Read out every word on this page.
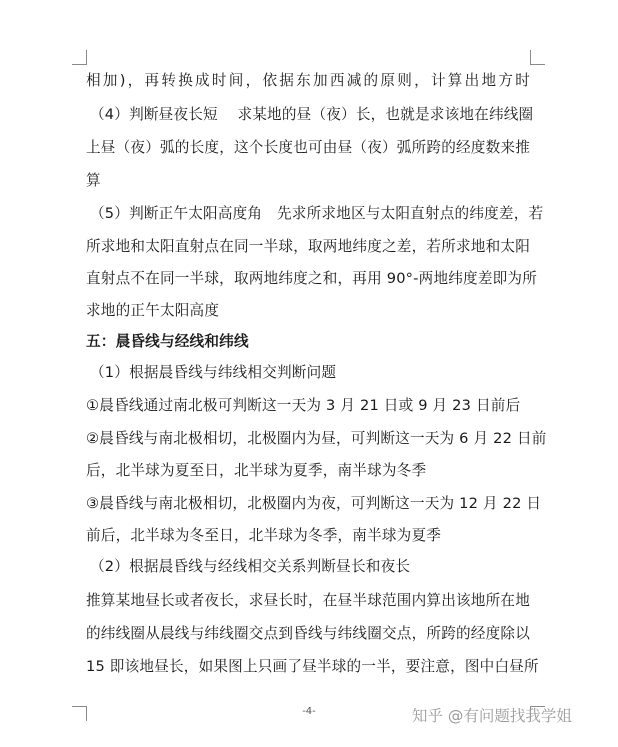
相加)，再转换成时间，依据东加西减的原则，计算出地方时
（4）判断昼夜长短　 求某地的昼（夜）长，也就是求该地在纬线圈
上昼（夜）弧的长度，这个长度也可由昼（夜）弧所跨的经度数来推
算
（5）判断正午太阳高度角　先求所求地区与太阳直射点的纬度差，若
所求地和太阳直射点在同一半球，取两地纬度之差，若所求地和太阳
直射点不在同一半球，取两地纬度之和，再用 90°-两地纬度差即为所
求地的正午太阳高度
五：晨昏线与经线和纬线
（1）根据晨昏线与纬线相交判断问题
①晨昏线通过南北极可判断这一天为 3 月 21 日或 9 月 23 日前后
②晨昏线与南北极相切，北极圈内为昼，可判断这一天为 6 月 22 日前
后，北半球为夏至日，北半球为夏季，南半球为冬季
③晨昏线与南北极相切，北极圈内为夜，可判断这一天为 12 月 22 日
前后，北半球为冬至日，北半球为冬季，南半球为夏季
（2）根据晨昏线与经线相交关系判断昼长和夜长
推算某地昼长或者夜长，求昼长时，在昼半球范围内算出该地所在地
的纬线圈从晨线与纬线圈交点到昏线与纬线圈交点，所跨的经度除以
15 即该地昼长，如果图上只画了昼半球的一半，要注意，图中白昼所
-4-	知乎 @有问题找我学姐
